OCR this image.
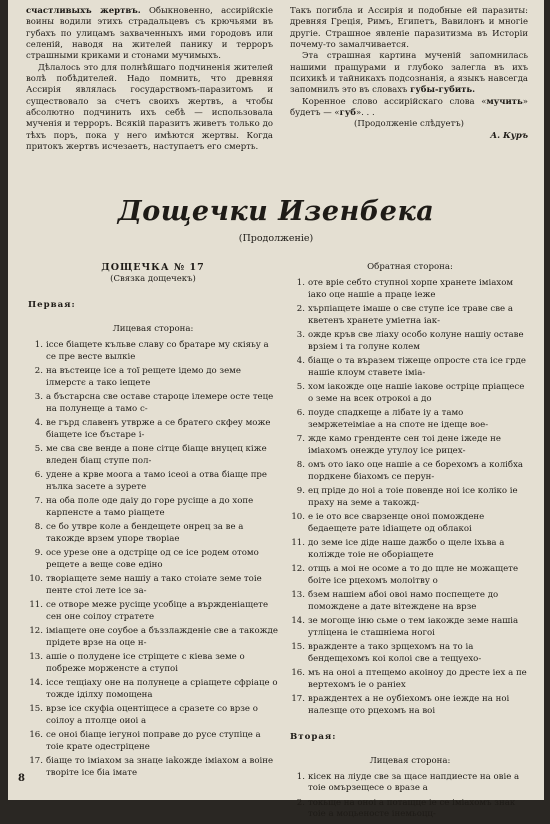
счастливыхъ жертвъ. Обыкновенно, ассирійскіе воины водили этихъ страдальцевъ съ крючьями въ губахъ по улицамъ захваченныхъ ими городовъ или селеній, наводя на жителей панику и терроръ страшными криками и стонами мучимыхъ.

Дѣлалось это для полнѣйшаго подчиненія жителей волѣ побѣдителей. Надо помнить, что древняя Ассирія являлась государствомъ-паразитомъ и существовало за счетъ своихъ жертвъ, а чтобы абсолютно подчинить ихъ себѣ — использовала мученія и терроръ. Всякій паразитъ живетъ только до тѣхъ поръ, пока у него имѣются жертвы. Когда притокъ жертвъ исчезаетъ, наступаетъ его смерть.

Такъ погибла и Ассирія и подобные ей паразиты: древняя Греція, Римъ, Египетъ, Вавилонъ и многіе другіе. Страшное явленіе паразитизма въ Исторіи почему-то замалчивается.

Эта страшная картина мученій запомнилась нашими пращурами и глубоко залегла въ ихъ психикѣ и тайникахъ подсознанія, а языкъ навсегда запомнилъ это въ словахъ губы-губить.

Коренное слово ассирійскаго слова «мучить» будетъ — «губ». . .

(Продолженіе слѣдуетъ)

А. Куръ

Дощечки Изенбека

(Продолженіе)

ДОЩЕЧКА № 17

(Связка дощечекъ)

Первая:

Лицевая сторона:

1. іссе біащете къльве славу со братаре му скіяьу а се пре весте вылкіе
2. на въстеице ісе а тої рещете ідемо до земе ілмерстє а тако іещете
3. а бъстарсна све оставе староце ілемере осте теце на полунеще а тамо с-
4. ве гърд славенъ утвржe а се братего скфеу може біащете ісе бъстаре і-
5. ме сва све венде а поне сітце біаще внуцец кіже вледен біащ ступе пол-
6. удене а крве моога а тамо ісеоі а отва біаще пре нълка засете а зурете
7. на оба поле оде даіу до горе русіще а до хопе карпенсте а тамо ріащете
8. се бо утвре коле а бендещете онрец за ве а такожде врзем упоре творіае
9. осе урезе оне а одстріце од се ісе родем отомо рещете а веще сове едіно
10. творіащете земе нашіу а тако стоіате земе тоіе пенте стоі лете ісе за-
11. се отворе меже русіще усобіце а вържденіащете сен оне соілоу стратете
12. іміащете оне соубое а бъззлажденіе све а такожде прідете врзе на оце н-
13. ашіе о полудене ісе стріщете с кіева земе о побреже морженсте а ступоі
14. іссе тещіаху оне на полунеце а сріащете сфріаце о тожде іділху помощена
15. врзе ісе скуфіа оцентіщесе а сразете со врзе о соілоу а птолце оиоі а
16. се оноі біаще іегуноі поправе до русе ступіце а тоіе крате одестріцене
17. біаще то іміахом за знаце іаkожде іміахом а воіне творіте ісе біа імате

Обратная сторона:

1. оте вріе себто ступноі хорпе хранете іміахом іако оце нашіе а праце іеже
2. хърпіащете імаше о све ступе ісе траве све а кветенъ хранете уміетна іак-
3. ожде кръв све ліаху особо колуне нашіу оставе врзіем і та голуне колем
4. біаще о та въразем тіжеще опросте ста ісе грде нашіе клоум ставете іміа-
5. хом іакожде оце нашіе іакове остріце пріащесе о земе на всек отрокоі а до
6. поуде спадкеще а лібате іу а тамо земржетеіміае а на споте не ідеще вое-
7. жде камо гренденте сен тоі дене іжеде не іміахомъ онежде утулоу ісе рицех-
8. омъ ото іако оце нашіе а се борехомъ а колібха пордкене біахомъ се перун-
9. ец пріде до ноі а тоіе повенде ноі ісе колікo іе праху на земе а такожд-
10. е іе ото все сварзенце оноі поможденe бедаещете рате іdіащете од облакоі
11. до земе ісе діде наше дажбо о щеле іхьва а коліжде тоіе не оборіащете
12. отщь а моі не осоме а то до щле не можащете боіте ісе рцехомъ молоітву о
13. бзем нашіем абоі овоі намо поспещете до поможденe а дате вітежденe на врзе
14. зе могоще іню сьме о тем іакожде земе нашіа утліцена іе сташнiема ногоі
15. враждeнте а тако зрщехомъ на то іа бендещехомъ коі колоі све а тещуехо-
16. мъ на оноі а птещемо акоіноу до дресте іех а пе вертехомъ іе о раніех
17. враждентеx а не оубіехомъ оне іежде на ноі налезще ото рцехомъ на воі

Вторая:

Лицевая сторона:

1. кісек на ліуде све за щасе напдиесте на овіе а тоіе омързещесе о вразе а
2. токьще на оноі а потащце іе се іміахомъ знак тоіе а моцьеносте інемьоцц-

8
